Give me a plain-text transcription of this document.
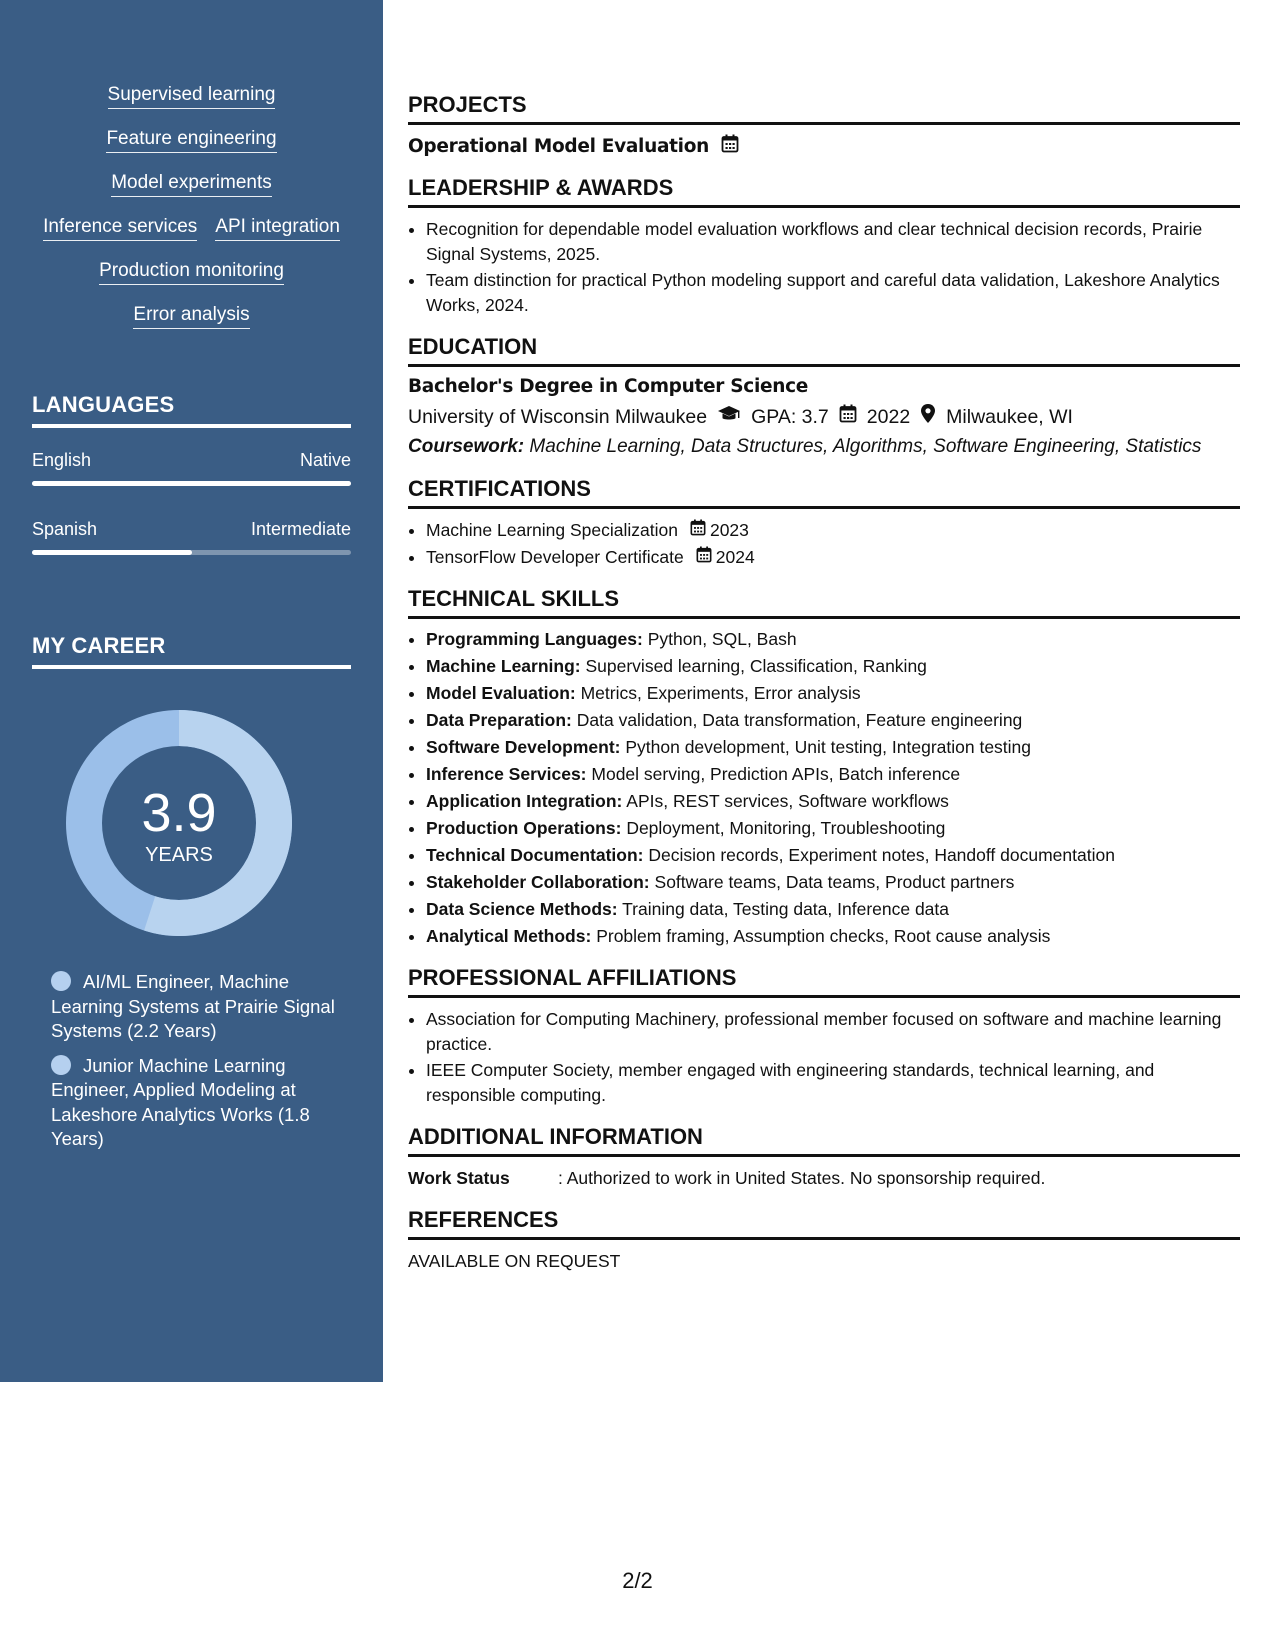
Supervised learning
Feature engineering
Model experiments
Inference services API integration
Production monitoring
Error analysis
LANGUAGES
English	Native
Spanish	Intermediate
MY CAREER
3.9
YEARS
AI/ML Engineer, Machine Learning Systems at Prairie Signal Systems (2.2 Years)
Junior Machine Learning Engineer, Applied Modeling at Lakeshore Analytics Works (1.8 Years)
PROJECTS
Operational Model Evaluation
LEADERSHIP & AWARDS
• Recognition for dependable model evaluation workflows and clear technical decision records, Prairie Signal Systems, 2025.
• Team distinction for practical Python modeling support and careful data validation, Lakeshore Analytics Works, 2024.
EDUCATION
Bachelor's Degree in Computer Science
University of Wisconsin Milwaukee GPA: 3.7 2022 Milwaukee, WI
Coursework: Machine Learning, Data Structures, Algorithms, Software Engineering, Statistics
CERTIFICATIONS
• Machine Learning Specialization 2023
• TensorFlow Developer Certificate 2024
TECHNICAL SKILLS
• Programming Languages: Python, SQL, Bash
• Machine Learning: Supervised learning, Classification, Ranking
• Model Evaluation: Metrics, Experiments, Error analysis
• Data Preparation: Data validation, Data transformation, Feature engineering
• Software Development: Python development, Unit testing, Integration testing
• Inference Services: Model serving, Prediction APIs, Batch inference
• Application Integration: APIs, REST services, Software workflows
• Production Operations: Deployment, Monitoring, Troubleshooting
• Technical Documentation: Decision records, Experiment notes, Handoff documentation
• Stakeholder Collaboration: Software teams, Data teams, Product partners
• Data Science Methods: Training data, Testing data, Inference data
• Analytical Methods: Problem framing, Assumption checks, Root cause analysis
PROFESSIONAL AFFILIATIONS
• Association for Computing Machinery, professional member focused on software and machine learning practice.
• IEEE Computer Society, member engaged with engineering standards, technical learning, and responsible computing.
ADDITIONAL INFORMATION
Work Status	: Authorized to work in United States. No sponsorship required.
REFERENCES
AVAILABLE ON REQUEST
2/2
